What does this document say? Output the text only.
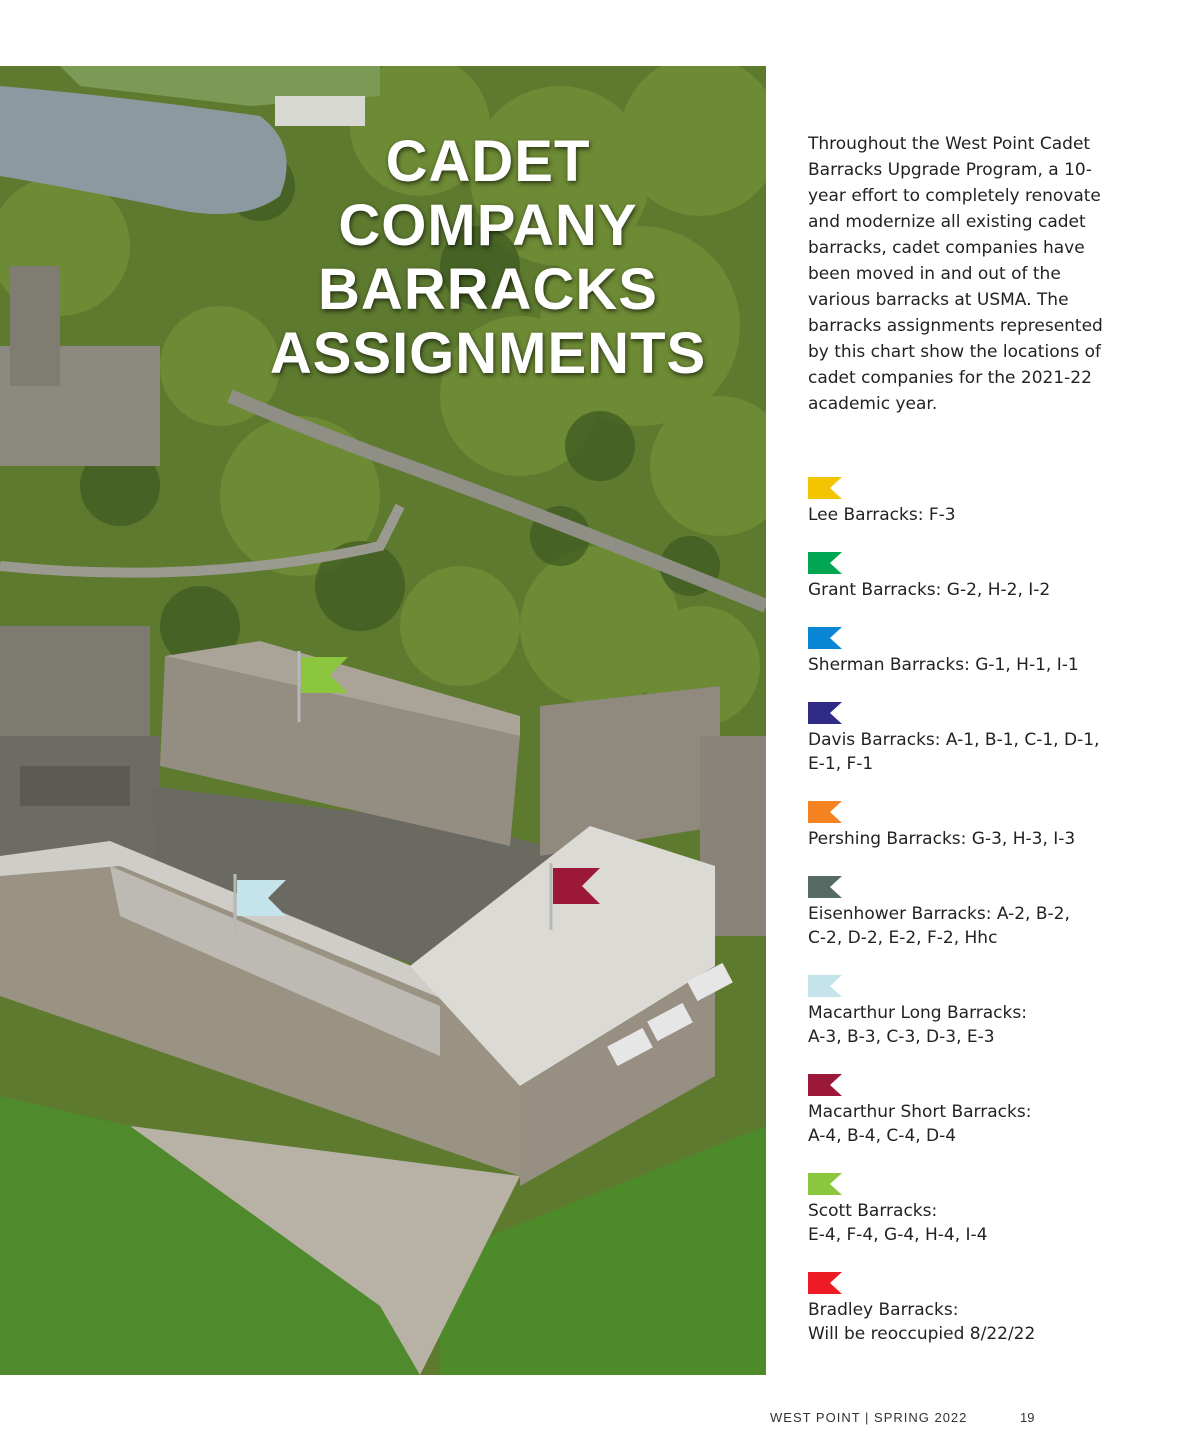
CADET COMPANY
BARRACKS
ASSIGNMENTS

Throughout the West Point Cadet Barracks Upgrade Program, a 10-year effort to completely renovate and modernize all existing cadet barracks, cadet companies have been moved in and out of the various barracks at USMA. The barracks assignments represented by this chart show the locations of cadet companies for the 2021-22 academic year.

Lee Barracks: F-3
Grant Barracks: G-2, H-2, I-2
Sherman Barracks: G-1, H-1, I-1
Davis Barracks: A-1, B-1, C-1, D-1,
E-1, F-1
Pershing Barracks: G-3, H-3, I-3
Eisenhower Barracks: A-2, B-2,
C-2, D-2, E-2, F-2, Hhc
Macarthur Long Barracks:
A-3, B-3, C-3, D-3, E-3
Macarthur Short Barracks:
A-4, B-4, C-4, D-4
Scott Barracks:
E-4, F-4, G-4, H-4, I-4
Bradley Barracks:
Will be reoccupied 8/22/22
WEST POINT | SPRING 2022	19
